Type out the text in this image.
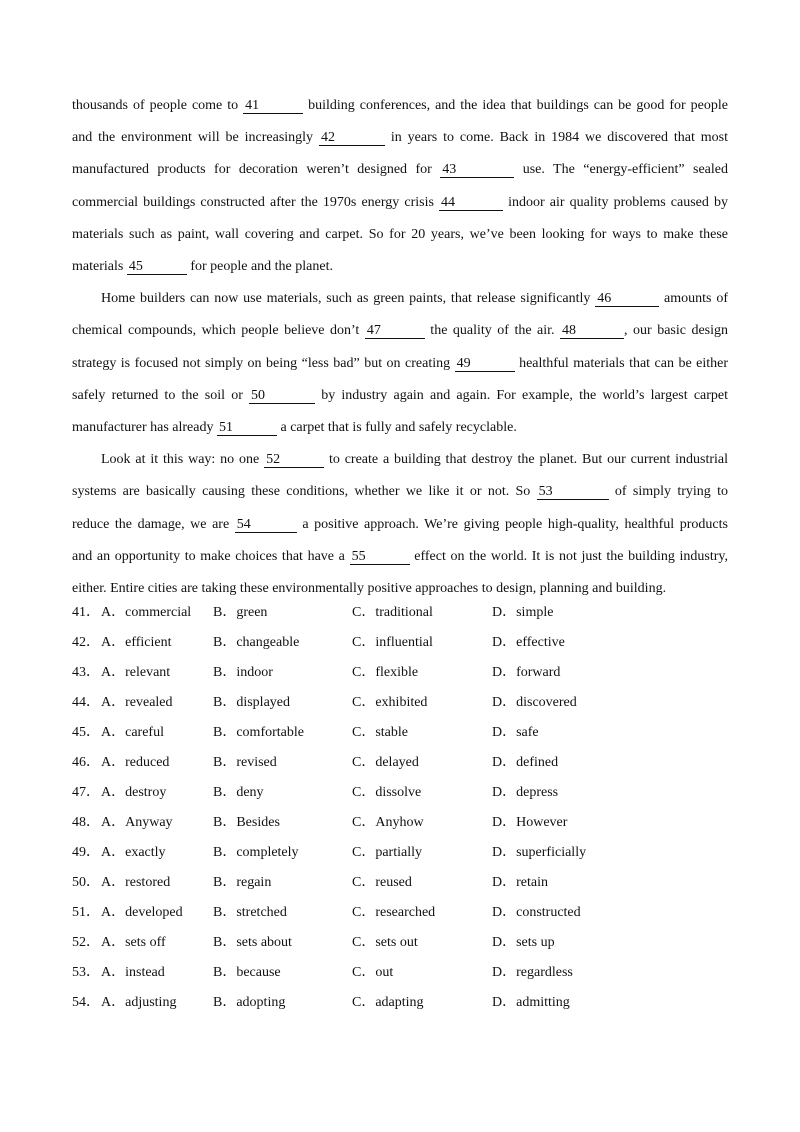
thousands of people come to 41	building conferences, and the idea that buildings can be good for people
and the environment will be increasingly 42	in years to come. Back in 1984 we discovered that most
manufactured products for decoration weren’t designed for 43	use. The “energy-efficient” sealed
commercial buildings constructed after the 1970s energy crisis 44	indoor air quality problems caused by
materials such as paint, wall covering and carpet. So for 20 years, we’ve been looking for ways to make these
materials 45	for people and the planet.
Home builders can now use materials, such as green paints, that release significantly 46	amounts of
chemical compounds, which people believe don’t 47	the quality of the air. 48	, our basic design
strategy is focused not simply on being “less bad” but on creating 49	healthful materials that can be either
safely returned to the soil or 50	by industry again and again. For example, the world’s largest carpet
manufacturer has already 51	a carpet that is fully and safely recyclable.
Look at it this way: no one 52	to create a building that destroy the planet. But our current industrial
systems are basically causing these conditions, whether we like it or not. So 53	of simply trying to
reduce the damage, we are 54	a positive approach. We’re giving people high-quality, healthful products
and an opportunity to make choices that have a 55	effect on the world. It is not just the building industry,
either. Entire cities are taking these environmentally positive approaches to design, planning and building.
41． A．commercial B．green	C．traditional	D．simple
42． A．efficient	B．changeable	C．influential	D．effective
43． A．relevant	B．indoor	C．flexible	D．forward
44． A．revealed	B．displayed	C．exhibited	D．discovered
45． A．careful	B．comfortable	C．stable	D．safe
46． A．reduced	B．revised	C．delayed	D．defined
47． A．destroy	B．deny	C．dissolve	D．depress
48． A．Anyway	B．Besides	C．Anyhow	D．However
49． A．exactly	B．completely	C．partially	D．superficially
50． A．restored	B．regain	C．reused	D．retain
51． A．developed B．stretched	C．researched	D．constructed
52． A．sets off	B．sets about	C．sets out	D．sets up
53． A．instead	B．because	C．out	D．regardless
54． A．adjusting	B．adopting	C．adapting	D．admitting
